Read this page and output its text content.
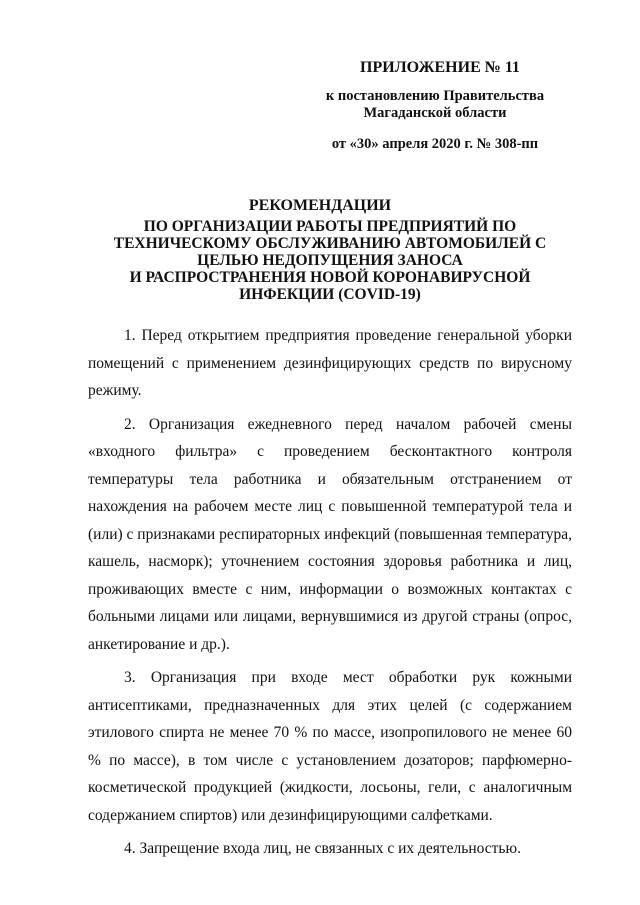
ПРИЛОЖЕНИЕ № 11
к постановлению Правительства
Магаданской области
от «30» апреля 2020 г. № 308-пп
РЕКОМЕНДАЦИИ
ПО ОРГАНИЗАЦИИ РАБОТЫ ПРЕДПРИЯТИЙ ПО
ТЕХНИЧЕСКОМУ ОБСЛУЖИВАНИЮ АВТОМОБИЛЕЙ С
ЦЕЛЬЮ НЕДОПУЩЕНИЯ ЗАНОСА
И РАСПРОСТРАНЕНИЯ НОВОЙ КОРОНАВИРУСНОЙ
ИНФЕКЦИИ (COVID-19)

1. Перед открытием предприятия проведение генеральной уборки помещений с применением дезинфицирующих средств по вирусному режиму.

2. Организация ежедневного перед началом рабочей смены «входного фильтра» с проведением бесконтактного контроля температуры тела работника и обязательным отстранением от нахождения на рабочем месте лиц с повышенной температурой тела и (или) с признаками респираторных инфекций (повышенная температура, кашель, насморк); уточнением состояния здоровья работника и лиц, проживающих вместе с ним, информации о возможных контактах с больными лицами или лицами, вернувшимися из другой страны (опрос, анкетирование и др.).

3. Организация при входе мест обработки рук кожными антисептиками, предназначенных для этих целей (с содержанием этилового спирта не менее 70 % по массе, изопропилового не менее 60 % по массе), в том числе с установлением дозаторов; парфюмерно-косметической продукцией (жидкости, лосьоны, гели, с аналогичным содержанием спиртов) или дезинфицирующими салфетками.

4. Запрещение входа лиц, не связанных с их деятельностью.
